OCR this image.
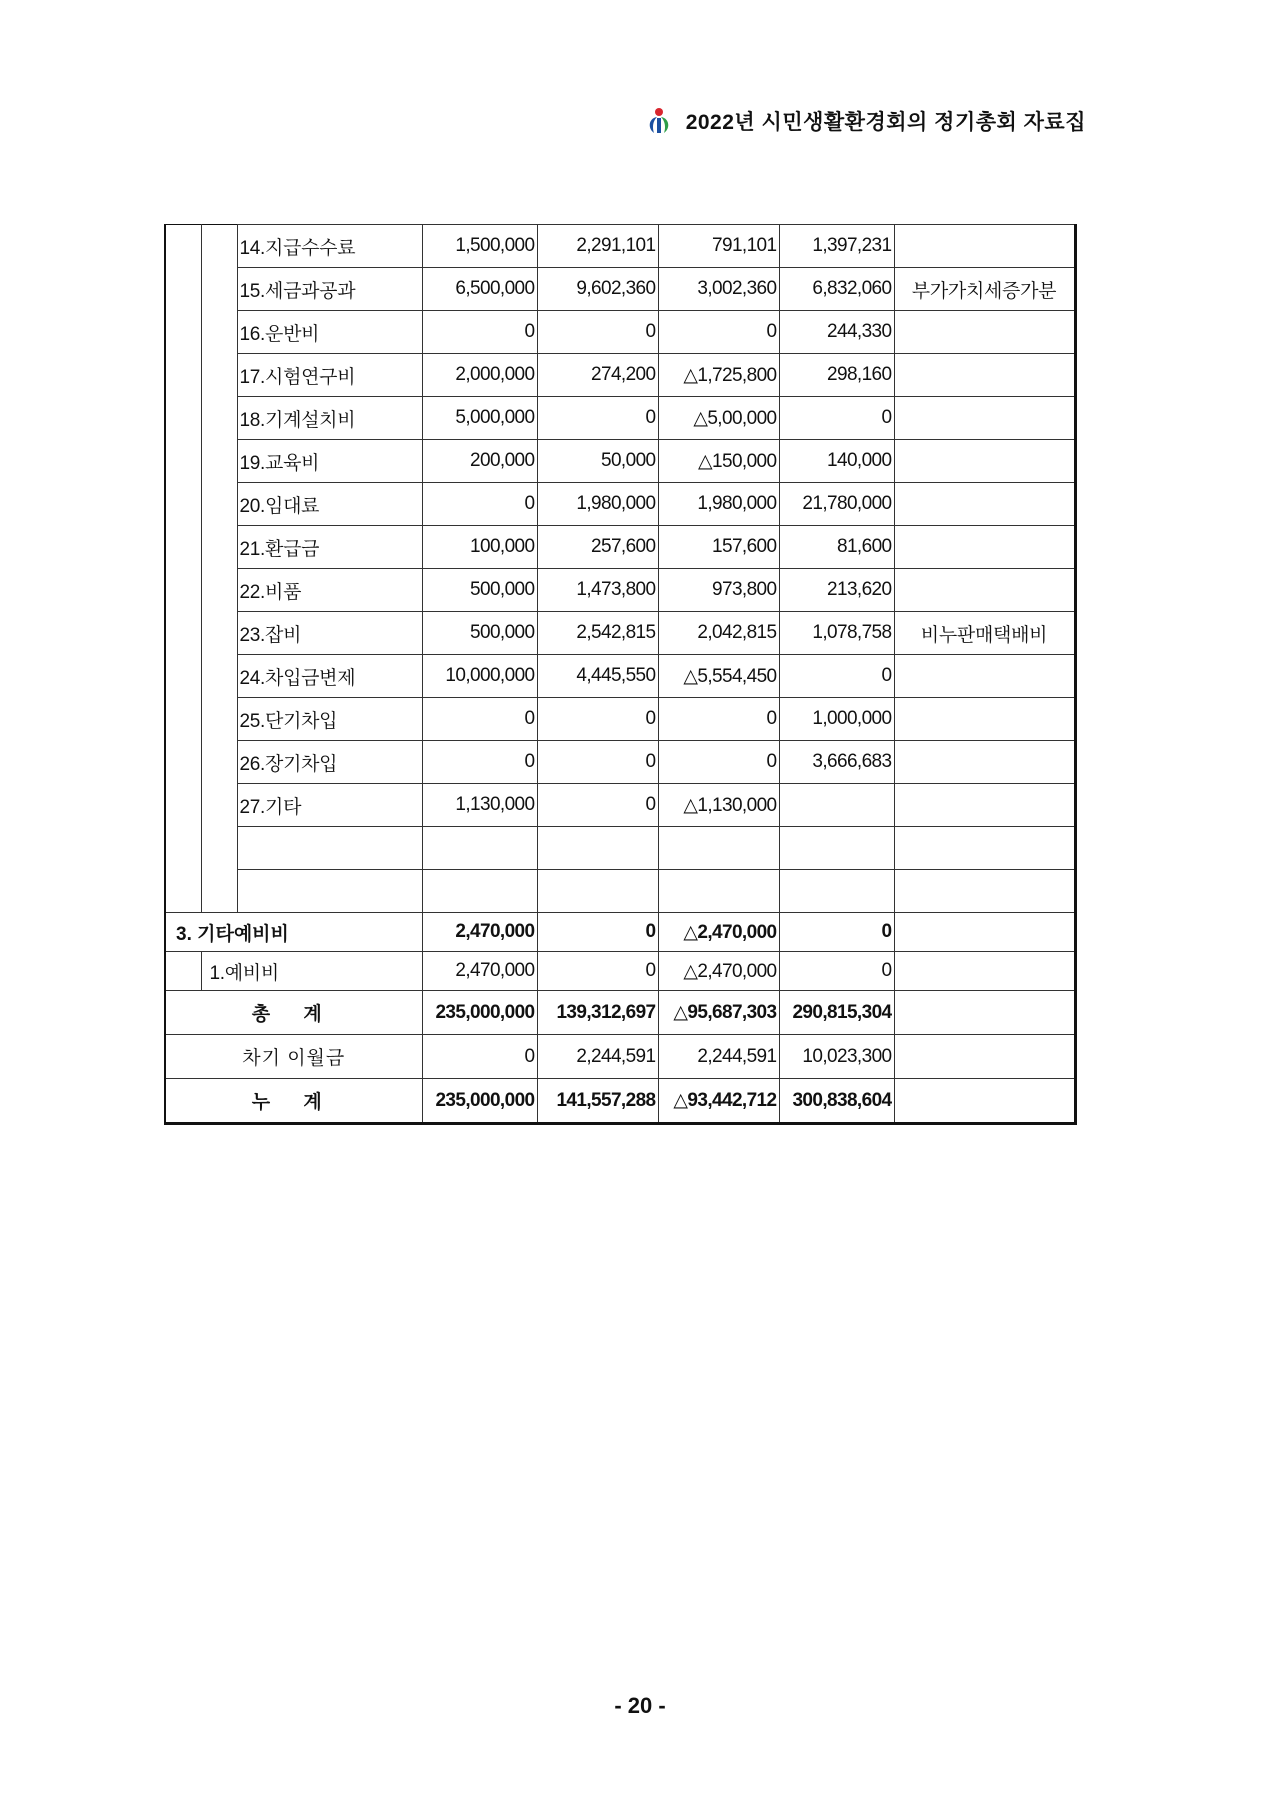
2022년 시민생활환경회의 정기총회 자료집
		14.지급수수료	1,500,000	2,291,101	791,101	1,397,231	
		15.세금과공과	6,500,000	9,602,360	3,002,360	6,832,060	부가가치세증가분
		16.운반비	0	0	0	244,330	
		17.시험연구비	2,000,000	274,200	△1,725,800	298,160	
		18.기계설치비	5,000,000	0	△5,00,000	0	
		19.교육비	200,000	50,000	△150,000	140,000	
		20.임대료	0	1,980,000	1,980,000	21,780,000	
		21.환급금	100,000	257,600	157,600	81,600	
		22.비품	500,000	1,473,800	973,800	213,620	
		23.잡비	500,000	2,542,815	2,042,815	1,078,758	비누판매택배비
		24.차입금변제	10,000,000	4,445,550	△5,554,450	0	
		25.단기차입	0	0	0	1,000,000	
		26.장기차입	0	0	0	3,666,683	
		27.기타	1,130,000	0	△1,130,000		

3. 기타예비비			2,470,000	0	△2,470,000	0	
	1.예비비		2,470,000	0	△2,470,000	0	
총 계			235,000,000	139,312,697	△95,687,303	290,815,304	
차기 이월금			0	2,244,591	2,244,591	10,023,300	
누 계			235,000,000	141,557,288	△93,442,712	300,838,604	
- 20 -
